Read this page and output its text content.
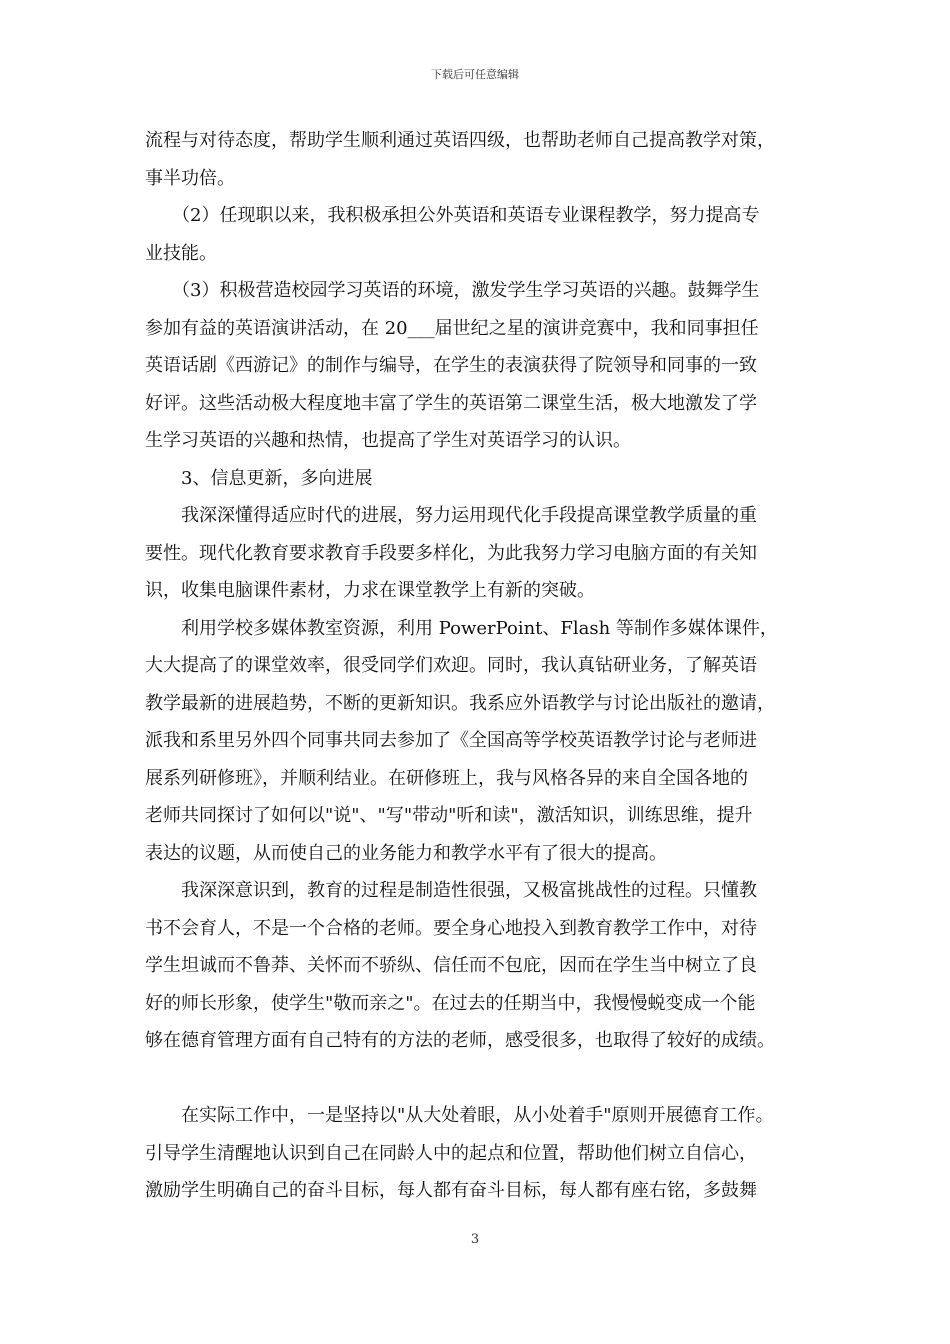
下载后可任意编辑
流程与对待态度，帮助学生顺利通过英语四级，也帮助老师自己提高教学对策，
事半功倍。
　　（2）任现职以来，我积极承担公外英语和英语专业课程教学，努力提高专
业技能。
　　（3）积极营造校园学习英语的环境，激发学生学习英语的兴趣。鼓舞学生
参加有益的英语演讲活动，在 20___届世纪之星的演讲竞赛中，我和同事担任
英语话剧《西游记》的制作与编导，在学生的表演获得了院领导和同事的一致
好评。这些活动极大程度地丰富了学生的英语第二课堂生活，极大地激发了学
生学习英语的兴趣和热情，也提高了学生对英语学习的认识。
　　3、信息更新，多向进展
　　我深深懂得适应时代的进展，努力运用现代化手段提高课堂教学质量的重
要性。现代化教育要求教育手段要多样化，为此我努力学习电脑方面的有关知
识，收集电脑课件素材，力求在课堂教学上有新的突破。
　　利用学校多媒体教室资源，利用 PowerPoint、Flash 等制作多媒体课件，
大大提高了的课堂效率，很受同学们欢迎。同时，我认真钻研业务，了解英语
教学最新的进展趋势，不断的更新知识。我系应外语教学与讨论出版社的邀请，
派我和系里另外四个同事共同去参加了《全国高等学校英语教学讨论与老师进
展系列研修班》，并顺利结业。在研修班上，我与风格各异的来自全国各地的
老师共同探讨了如何以"说"、"写"带动"听和读"，激活知识，训练思维，提升
表达的议题，从而使自己的业务能力和教学水平有了很大的提高。
　　我深深意识到，教育的过程是制造性很强，又极富挑战性的过程。只懂教
书不会育人，不是一个合格的老师。要全身心地投入到教育教学工作中，对待
学生坦诚而不鲁莽、关怀而不骄纵、信任而不包庇，因而在学生当中树立了良
好的师长形象，使学生"敬而亲之"。在过去的任期当中，我慢慢蜕变成一个能
够在德育管理方面有自己特有的方法的老师，感受很多，也取得了较好的成绩。
　　在实际工作中，一是坚持以"从大处着眼，从小处着手"原则开展德育工作。
引导学生清醒地认识到自己在同龄人中的起点和位置，帮助他们树立自信心，
激励学生明确自己的奋斗目标，每人都有奋斗目标，每人都有座右铭，多鼓舞
3
